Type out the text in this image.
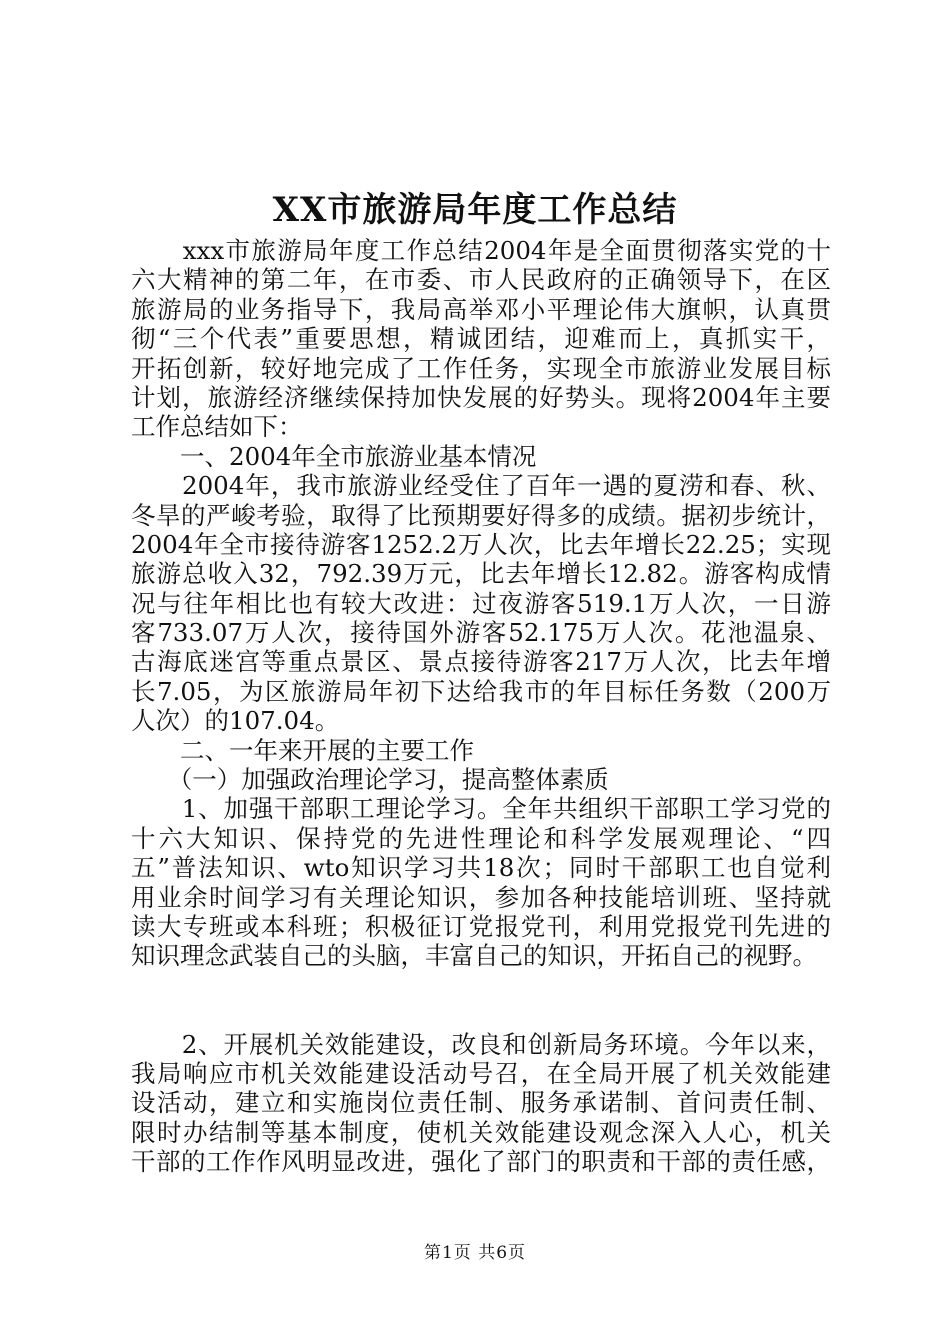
XX市旅游局年度工作总结
　　xxx市旅游局年度工作总结2004年是全面贯彻落实党的十
六大精神的第二年，在市委、市人民政府的正确领导下，在区
旅游局的业务指导下，我局高举邓小平理论伟大旗帜，认真贯
彻“三个代表”重要思想，精诚团结，迎难而上，真抓实干，
开拓创新，较好地完成了工作任务，实现全市旅游业发展目标
计划，旅游经济继续保持加快发展的好势头。现将2004年主要
工作总结如下：
　　一、2004年全市旅游业基本情况
　　2004年，我市旅游业经受住了百年一遇的夏涝和春、秋、
冬旱的严峻考验，取得了比预期要好得多的成绩。据初步统计，
2004年全市接待游客1252.2万人次，比去年增长22.25；实现
旅游总收入32，792.39万元，比去年增长12.82。游客构成情
况与往年相比也有较大改进：过夜游客519.1万人次，一日游
客733.07万人次，接待国外游客52.175万人次。花池温泉、
古海底迷宫等重点景区、景点接待游客217万人次，比去年增
长7.05，为区旅游局年初下达给我市的年目标任务数（200万
人次）的107.04。
　　二、一年来开展的主要工作
　　（一）加强政治理论学习，提高整体素质
　　1、加强干部职工理论学习。全年共组织干部职工学习党的
十六大知识、保持党的先进性理论和科学发展观理论、“四
五”普法知识、wto知识学习共18次；同时干部职工也自觉利
用业余时间学习有关理论知识，参加各种技能培训班、坚持就
读大专班或本科班；积极征订党报党刊，利用党报党刊先进的
知识理念武装自己的头脑，丰富自己的知识，开拓自己的视野。
　　2、开展机关效能建设，改良和创新局务环境。今年以来，
我局响应市机关效能建设活动号召，在全局开展了机关效能建
设活动，建立和实施岗位责任制、服务承诺制、首问责任制、
限时办结制等基本制度，使机关效能建设观念深入人心，机关
干部的工作作风明显改进，强化了部门的职责和干部的责任感，
第1页 共6页
